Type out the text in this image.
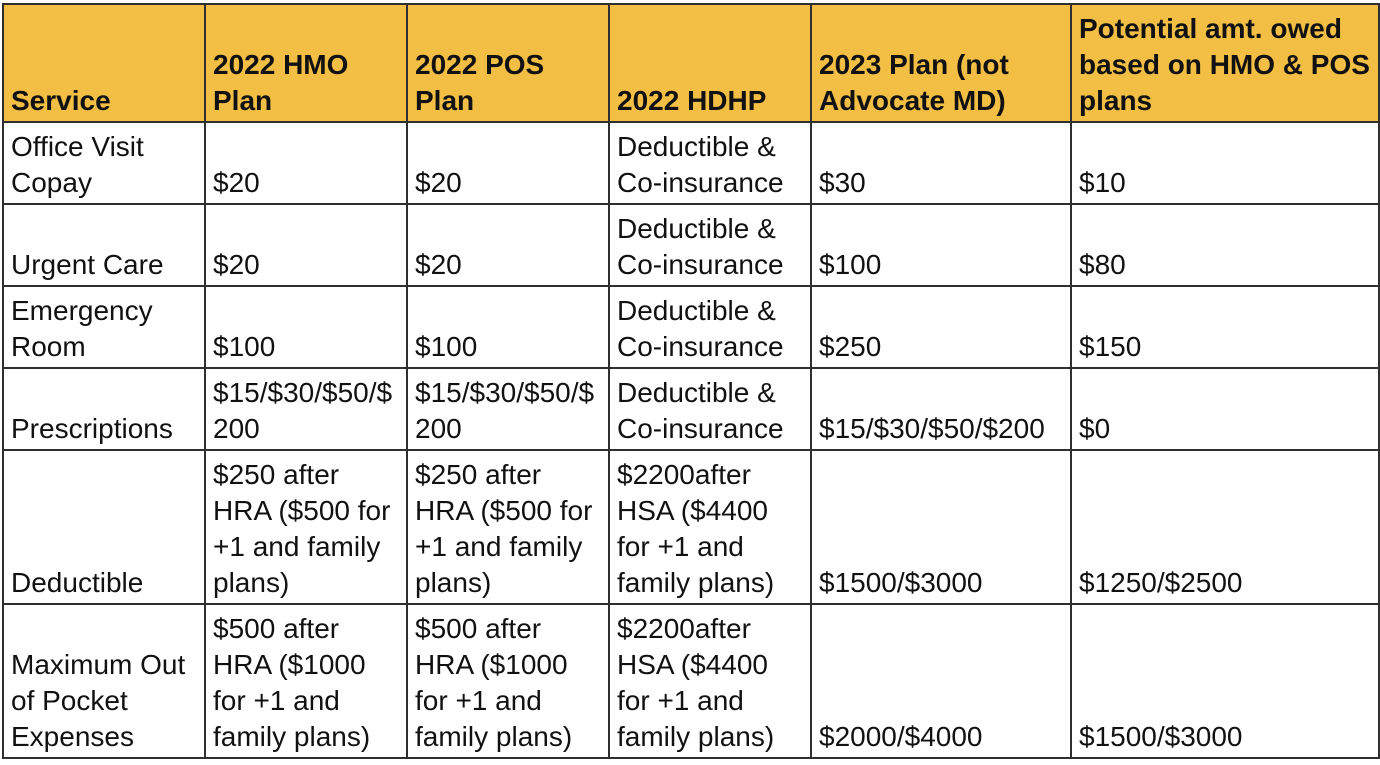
Service	2022 HMO Plan	2022 POS Plan	2022 HDHP	2023 Plan (not Advocate MD)	Potential amt. owed based on HMO & POS plans
Office Visit Copay	$20	$20	Deductible & Co-insurance	$30	$10
Urgent Care	$20	$20	Deductible & Co-insurance	$100	$80
Emergency Room	$100	$100	Deductible & Co-insurance	$250	$150
Prescriptions	$15/$30/$50/$200	$15/$30/$50/$200	Deductible & Co-insurance	$15/$30/$50/$200	$0
Deductible	$250 after HRA ($500 for +1 and family plans)	$250 after HRA ($500 for +1 and family plans)	$2200after HSA ($4400 for +1 and family plans)	$1500/$3000	$1250/$2500
Maximum Out of Pocket Expenses	$500 after HRA ($1000 for +1 and family plans)	$500 after HRA ($1000 for +1 and family plans)	$2200after HSA ($4400 for +1 and family plans)	$2000/$4000	$1500/$3000
